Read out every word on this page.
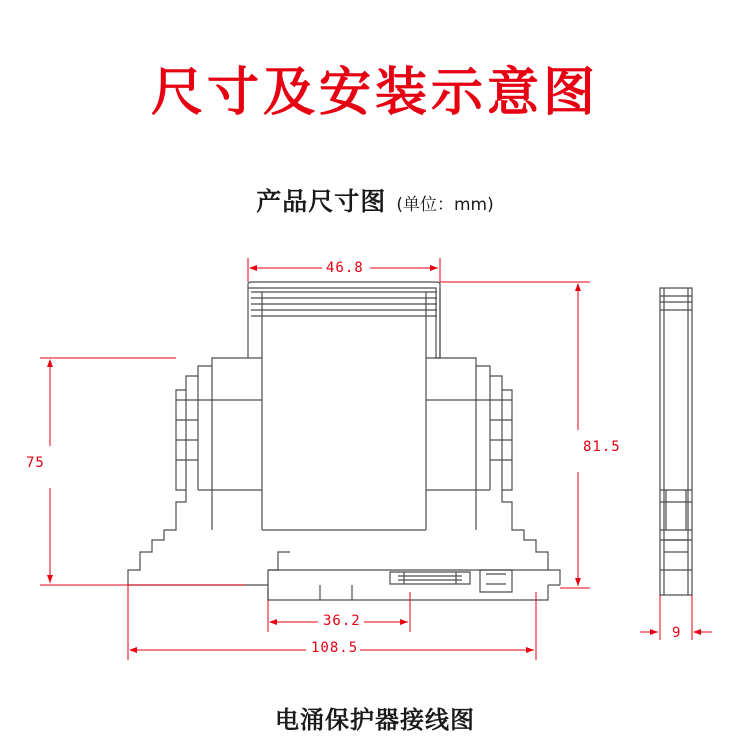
尺寸及安装示意图
产品尺寸图 (单位：mm)
46.8
81.5
75
36.2
108.5
9
电涌保护器接线图
